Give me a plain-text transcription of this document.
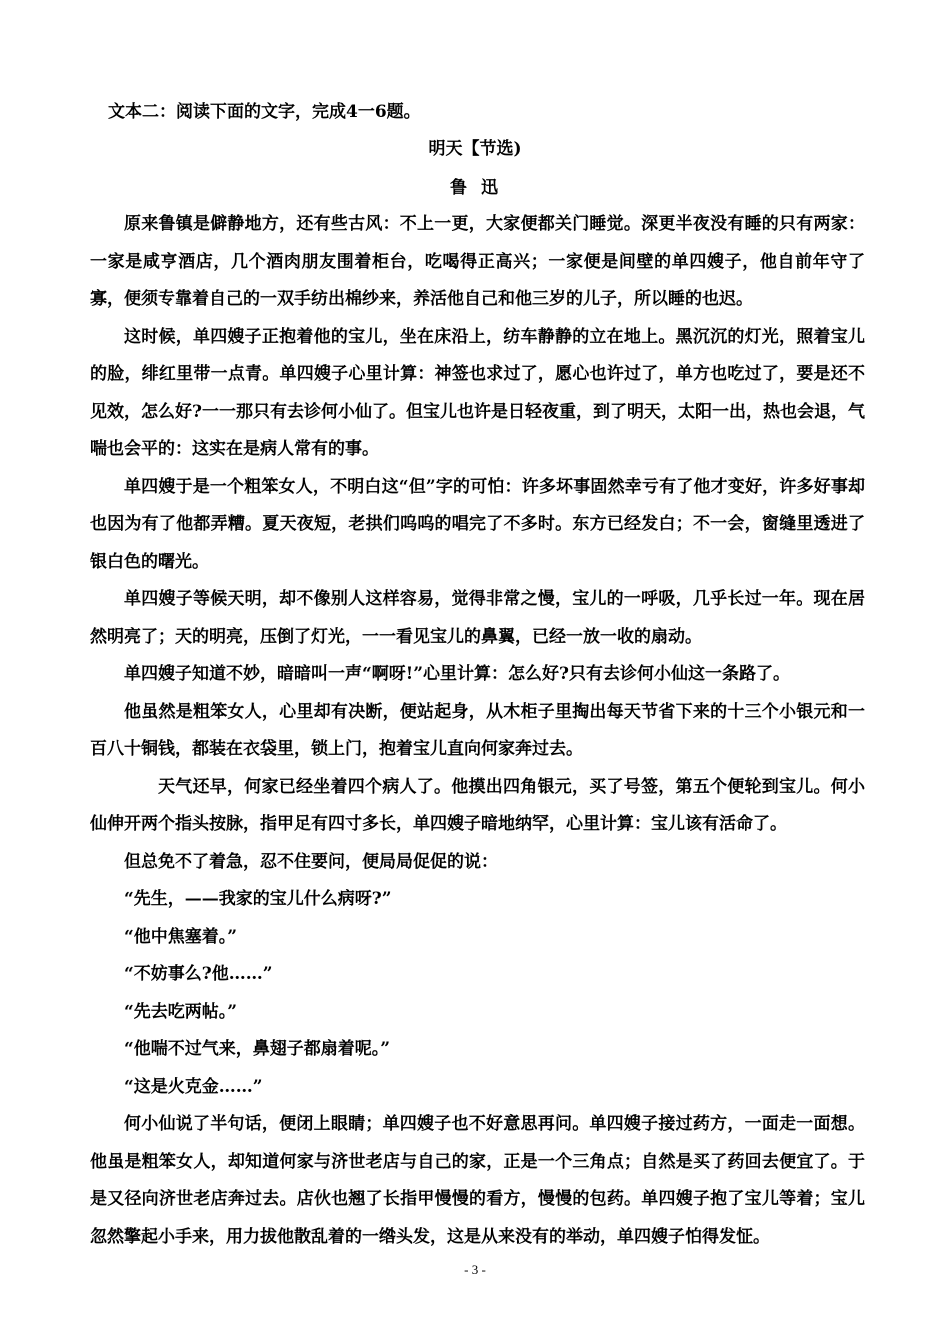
文本二：阅读下面的文字，完成4一6题。
明天【节选)
鲁迅

原来鲁镇是僻静地方，还有些古风：不上一更，大家便都关门睡觉。深更半夜没有睡的只有两家：一家是咸亨酒店，几个酒肉朋友围着柜台，吃喝得正高兴；一家便是间壁的单四嫂子，他自前年守了寡，便须专靠着自己的一双手纺出棉纱来，养活他自己和他三岁的儿子，所以睡的也迟。

这时候，单四嫂子正抱着他的宝儿，坐在床沿上，纺车静静的立在地上。黑沉沉的灯光，照着宝儿的脸，绯红里带一点青。单四嫂子心里计算：神签也求过了，愿心也许过了，单方也吃过了，要是还不见效，怎么好?一一那只有去诊何小仙了。但宝儿也许是日轻夜重，到了明天，太阳一出，热也会退，气喘也会平的：这实在是病人常有的事。

单四嫂于是一个粗笨女人，不明白这“但”字的可怕：许多坏事固然幸亏有了他才变好，许多好事却也因为有了他都弄糟。夏天夜短，老拱们呜呜的唱完了不多时。东方已经发白；不一会，窗缝里透进了银白色的曙光。

单四嫂子等候天明，却不像别人这样容易，觉得非常之慢，宝儿的一呼吸，几乎长过一年。现在居然明亮了；天的明亮，压倒了灯光，一一看见宝儿的鼻翼，已经一放一收的扇动。

单四嫂子知道不妙，暗暗叫一声“啊呀!”心里计算：怎么好?只有去诊何小仙这一条路了。

他虽然是粗笨女人，心里却有决断，便站起身，从木柜子里掏出每天节省下来的十三个小银元和一百八十铜钱，都装在衣袋里，锁上门，抱着宝儿直向何家奔过去。

天气还早，何家已经坐着四个病人了。他摸出四角银元，买了号签，第五个便轮到宝儿。何小仙伸开两个指头按脉，指甲足有四寸多长，单四嫂子暗地纳罕，心里计算：宝儿该有活命了。

但总免不了着急，忍不住要问，便局局促促的说：

“先生，——我家的宝儿什么病呀?”

“他中焦塞着。”

“不妨事么?他……”

“先去吃两帖。”

“他喘不过气来，鼻翅子都扇着呢。”

“这是火克金……”

何小仙说了半句话，便闭上眼睛；单四嫂子也不好意思再问。单四嫂子接过药方，一面走一面想。他虽是粗笨女人，却知道何家与济世老店与自己的家，正是一个三角点；自然是买了药回去便宜了。于是又径向济世老店奔过去。店伙也翘了长指甲慢慢的看方，慢慢的包药。单四嫂子抱了宝儿等着；宝儿忽然擎起小手来，用力拔他散乱着的一绺头发，这是从来没有的举动，单四嫂子怕得发怔。

- 3 -
